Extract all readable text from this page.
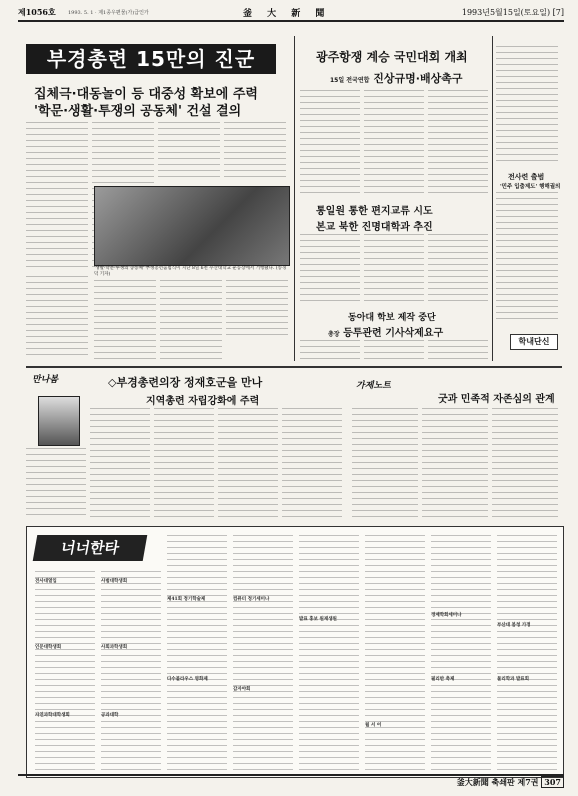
제1056호 1993. 5. 1 · 제1종우편물(가)급인가	釜 大 新 聞	1993년5월15일(토요일) [7]
부경총련 15만의 진군
집체극·대동놀이 등 대중성 확보에 주력
'학문·생활·투쟁의 공동체' 건설 결의
'생활·학문·투쟁의 공동체' 부경총련출범식이 지난 8일 6천 수산대학교 운동장에서 거행됐다. (송경덕 기자)
광주항쟁 계승 국민대회 개최
15일 전국연합 진상규명·배상촉구
통일원 통한 편지교류 시도
본교 북한 진명대학과 추진
동아대 학보 제작 중단
총장 등투관련 기사삭제요구
전사련 출범
'민주 입춤제도' 행해궐의
학내단신
만나봄	◇부경총련의장 정재호군을 만나
지역총련 자립강화에 주력
가제노트
굿과 민족적 자존심의 관계
너너한타
전사대열입	사범대학생회
인문대학생회	사회과학생회
자연과학대학생회	공과대학
제41회 정기학술제
다수불라우스 영화제
컴퓨터 정기세미나
감자야회
발표 홍보 원재생원
경제학회세미나
필리반 축제
부산대 봄청 가정
물리학과 발표회
월 서 어
釜大新聞 축쇄판 제7권 307
